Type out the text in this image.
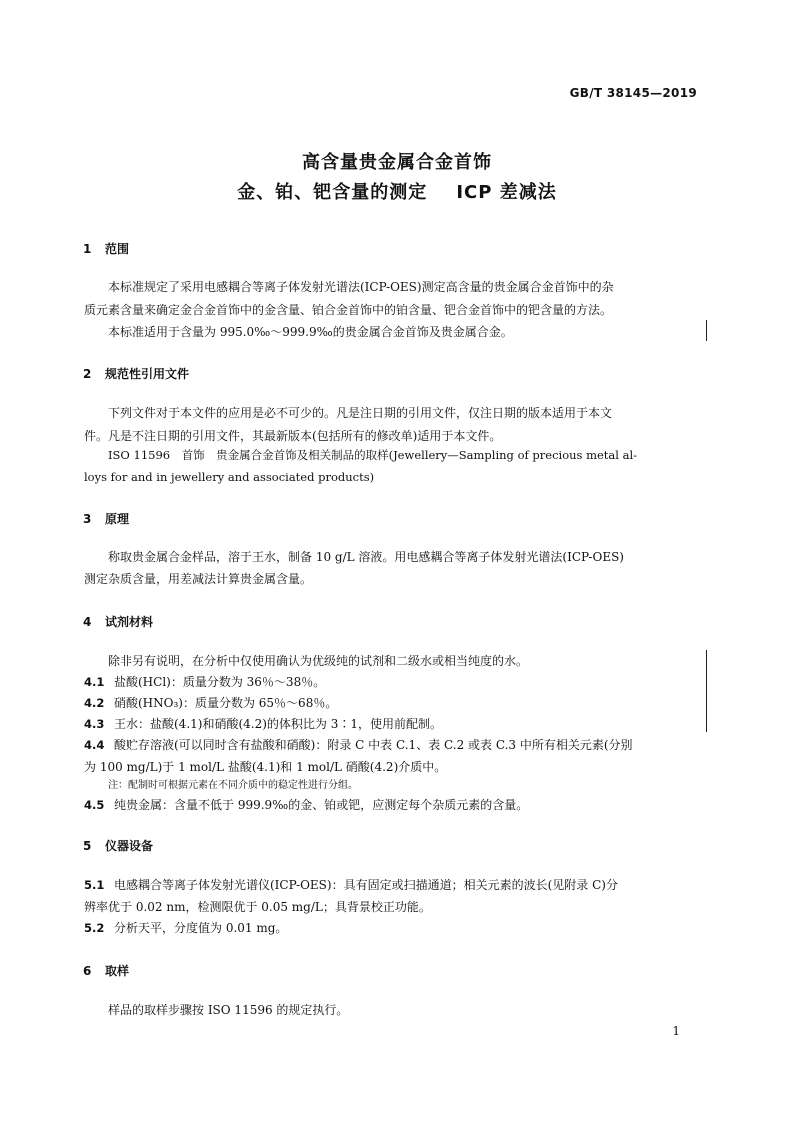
GB/T 38145—2019
高含量贵金属合金首饰
金、铂、钯含量的测定    ICP 差减法
1 范围
本标准规定了采用电感耦合等离子体发射光谱法(ICP-OES)测定高含量的贵金属合金首饰中的杂
质元素含量来确定金合金首饰中的金含量、铂合金首饰中的铂含量、钯合金首饰中的钯含量的方法。
本标准适用于含量为 995.0‰～999.9‰的贵金属合金首饰及贵金属合金。
2 规范性引用文件
下列文件对于本文件的应用是必不可少的。凡是注日期的引用文件，仅注日期的版本适用于本文
件。凡是不注日期的引用文件，其最新版本(包括所有的修改单)适用于本文件。
ISO 11596　首饰　贵金属合金首饰及相关制品的取样(Jewellery—Sampling of precious metal al-
loys for and in jewellery and associated products)
3 原理
称取贵金属合金样品，溶于王水，制备 10 g/L 溶液。用电感耦合等离子体发射光谱法(ICP-OES)
测定杂质含量，用差减法计算贵金属含量。
4 试剂材料
除非另有说明，在分析中仅使用确认为优级纯的试剂和二级水或相当纯度的水。
4.1 盐酸(HCl)：质量分数为 36％～38％。
4.2 硝酸(HNO₃)：质量分数为 65％～68％。
4.3 王水：盐酸(4.1)和硝酸(4.2)的体积比为 3∶1，使用前配制。
4.4 酸贮存溶液(可以同时含有盐酸和硝酸)：附录 C 中表 C.1、表 C.2 或表 C.3 中所有相关元素(分别
为 100 mg/L)于 1 mol/L 盐酸(4.1)和 1 mol/L 硝酸(4.2)介质中。
注：配制时可根据元素在不同介质中的稳定性进行分组。
4.5 纯贵金属：含量不低于 999.9‰的金、铂或钯，应测定每个杂质元素的含量。
5 仪器设备
5.1 电感耦合等离子体发射光谱仪(ICP-OES)：具有固定或扫描通道；相关元素的波长(见附录 C)分
辨率优于 0.02 nm，检测限优于 0.05 mg/L；具背景校正功能。
5.2 分析天平，分度值为 0.01 mg。
6 取样
样品的取样步骤按 ISO 11596 的规定执行。
1
